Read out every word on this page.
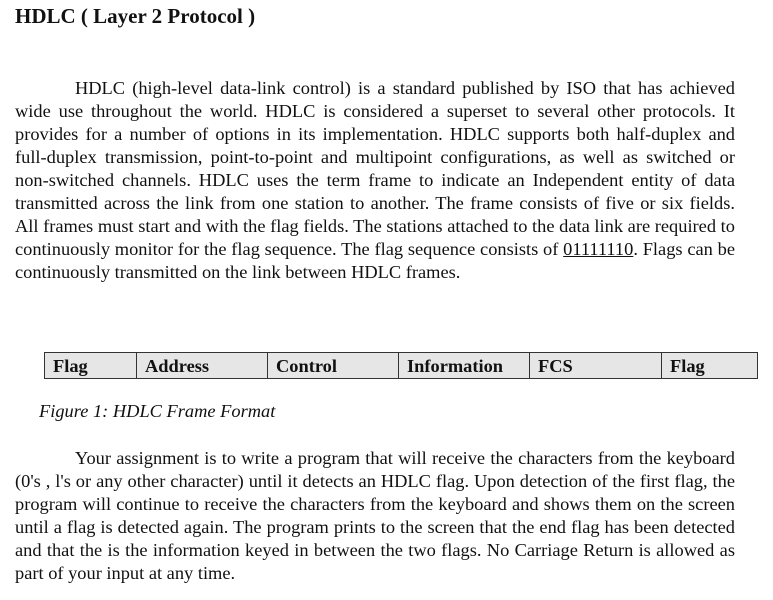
HDLC ( Layer 2 Protocol )

HDLC (high-level data-link control) is a standard published by ISO that has achieved wide use throughout the world. HDLC is considered a superset to several other protocols. It provides for a number of options in its implementation. HDLC supports both half-duplex and full-duplex transmission, point-to-point and multipoint configurations, as well as switched or non-switched channels. HDLC uses the term frame to indicate an Independent entity of data transmitted across the link from one station to another. The frame consists of five or six fields. All frames must start and with the flag fields. The stations attached to the data link are required to continuously monitor for the flag sequence. The flag sequence consists of 01111110. Flags can be continuously transmitted on the link between HDLC frames.

Flag	Address	Control	Information	FCS	Flag

Figure 1: HDLC Frame Format

Your assignment is to write a program that will receive the characters from the keyboard (0's , l's or any other character) until it detects an HDLC flag. Upon detection of the first flag, the program will continue to receive the characters from the keyboard and shows them on the screen until a flag is detected again. The program prints to the screen that the end flag has been detected and that the is the information keyed in between the two flags. No Carriage Return is allowed as part of your input at any time.
